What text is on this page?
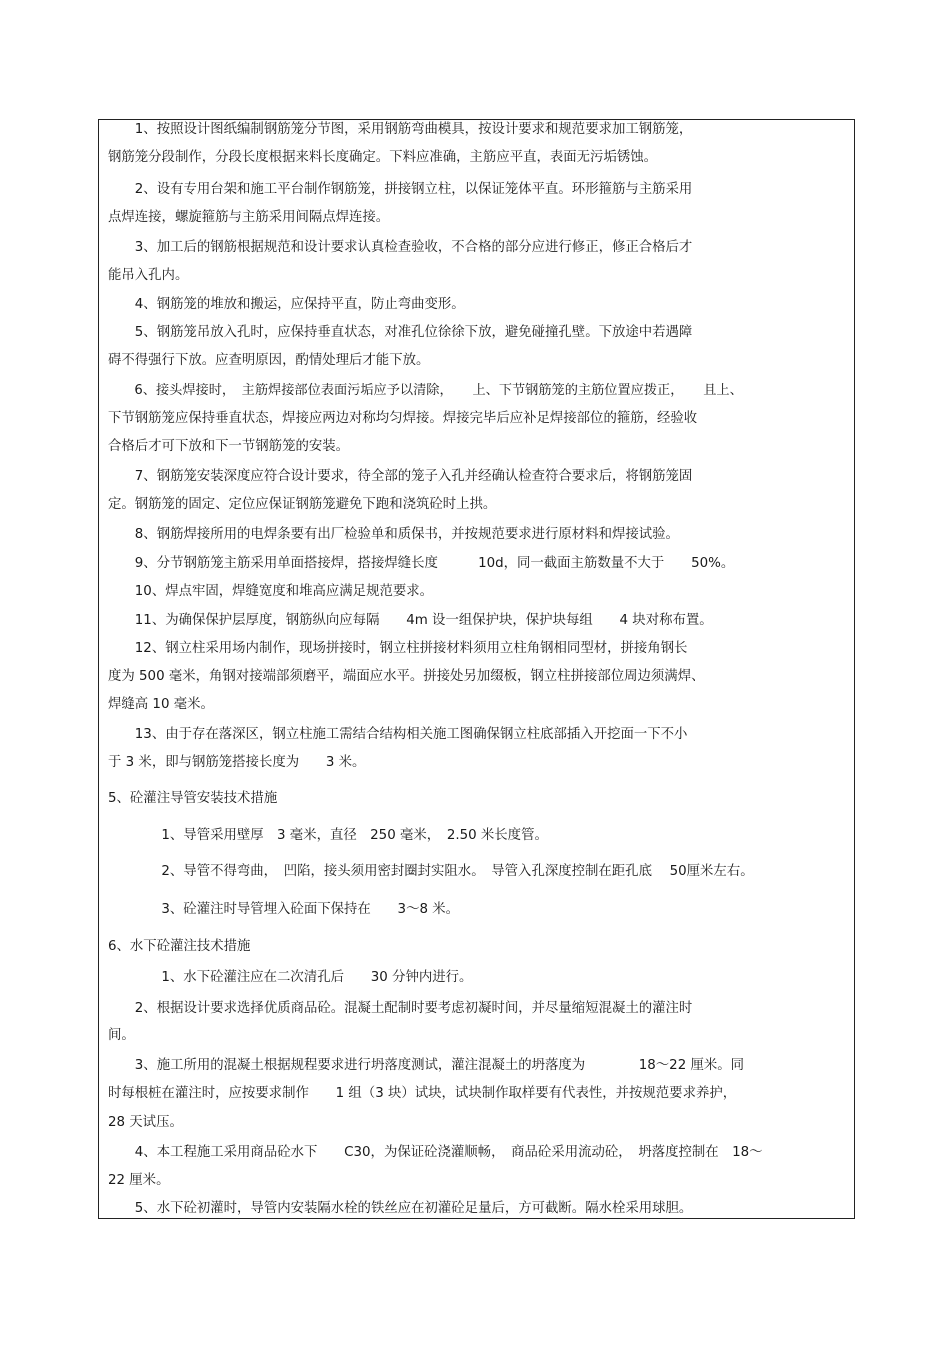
　　1、按照设计图纸编制钢筋笼分节图，采用钢筋弯曲模具，按设计要求和规范要求加工钢筋笼，

钢筋笼分段制作，分段长度根据来料长度确定。下料应准确，主筋应平直，表面无污垢锈蚀。

　　2、设有专用台架和施工平台制作钢筋笼，拼接钢立柱，以保证笼体平直。环形箍筋与主筋采用

点焊连接，螺旋箍筋与主筋采用间隔点焊连接。

　　3、加工后的钢筋根据规范和设计要求认真检查验收，不合格的部分应进行修正，修正合格后才

能吊入孔内。

　　4、钢筋笼的堆放和搬运，应保持平直，防止弯曲变形。

　　5、钢筋笼吊放入孔时，应保持垂直状态，对准孔位徐徐下放，避免碰撞孔壁。下放途中若遇障

碍不得强行下放。应查明原因，酌情处理后才能下放。

　　6、接头焊接时，　主筋焊接部位表面污垢应予以清除，　　上、下节钢筋笼的主筋位置应拨正，　　且上、

下节钢筋笼应保持垂直状态，焊接应两边对称均匀焊接。焊接完毕后应补足焊接部位的箍筋，经验收

合格后才可下放和下一节钢筋笼的安装。

　　7、钢筋笼安装深度应符合设计要求，待全部的笼子入孔并经确认检查符合要求后，将钢筋笼固

定。钢筋笼的固定、定位应保证钢筋笼避免下跑和浇筑砼时上拱。

　　8、钢筋焊接所用的电焊条要有出厂检验单和质保书，并按规范要求进行原材料和焊接试验。

　　9、分节钢筋笼主筋采用单面搭接焊，搭接焊缝长度　　　10d，同一截面主筋数量不大于　　50%。

　　10、焊点牢固，焊缝宽度和堆高应满足规范要求。

　　11、为确保保护层厚度，钢筋纵向应每隔　　4m 设一组保护块，保护块每组　　4 块对称布置。

　　12、钢立柱采用场内制作，现场拼接时，钢立柱拼接材料须用立柱角钢相同型材，拼接角钢长

度为 500 毫米，角钢对接端部须磨平，端面应水平。拼接处另加缀板，钢立柱拼接部位周边须满焊、

焊缝高 10 毫米。

　　13、由于存在落深区，钢立柱施工需结合结构相关施工图确保钢立柱底部插入开挖面一下不小

于 3 米，即与钢筋笼搭接长度为　　3 米。

5、砼灌注导管安装技术措施

　1、导管采用壁厚　3 毫米，直径　250 毫米，　2.50 米长度管。

　2、导管不得弯曲，　凹陷，接头须用密封圈封实阻水。　导管入孔深度控制在距孔底　 50厘米左右。

　3、砼灌注时导管埋入砼面下保持在　　3～8 米。

6、水下砼灌注技术措施

　1、水下砼灌注应在二次清孔后　　30 分钟内进行。

　　2、根据设计要求选择优质商品砼。混凝土配制时要考虑初凝时间，并尽量缩短混凝土的灌注时

间。

　　3、施工所用的混凝土根据规程要求进行坍落度测试，灌注混凝土的坍落度为　　　　18～22 厘米。同

时每根桩在灌注时，应按要求制作　　1 组（3 块）试块，试块制作取样要有代表性，并按规范要求养护，

28 天试压。

　　4、本工程施工采用商品砼水下　　C30，为保证砼浇灌顺畅，　商品砼采用流动砼，　坍落度控制在　18～

22 厘米。

　　5、水下砼初灌时，导管内安装隔水栓的铁丝应在初灌砼足量后，方可截断。隔水栓采用球胆。
